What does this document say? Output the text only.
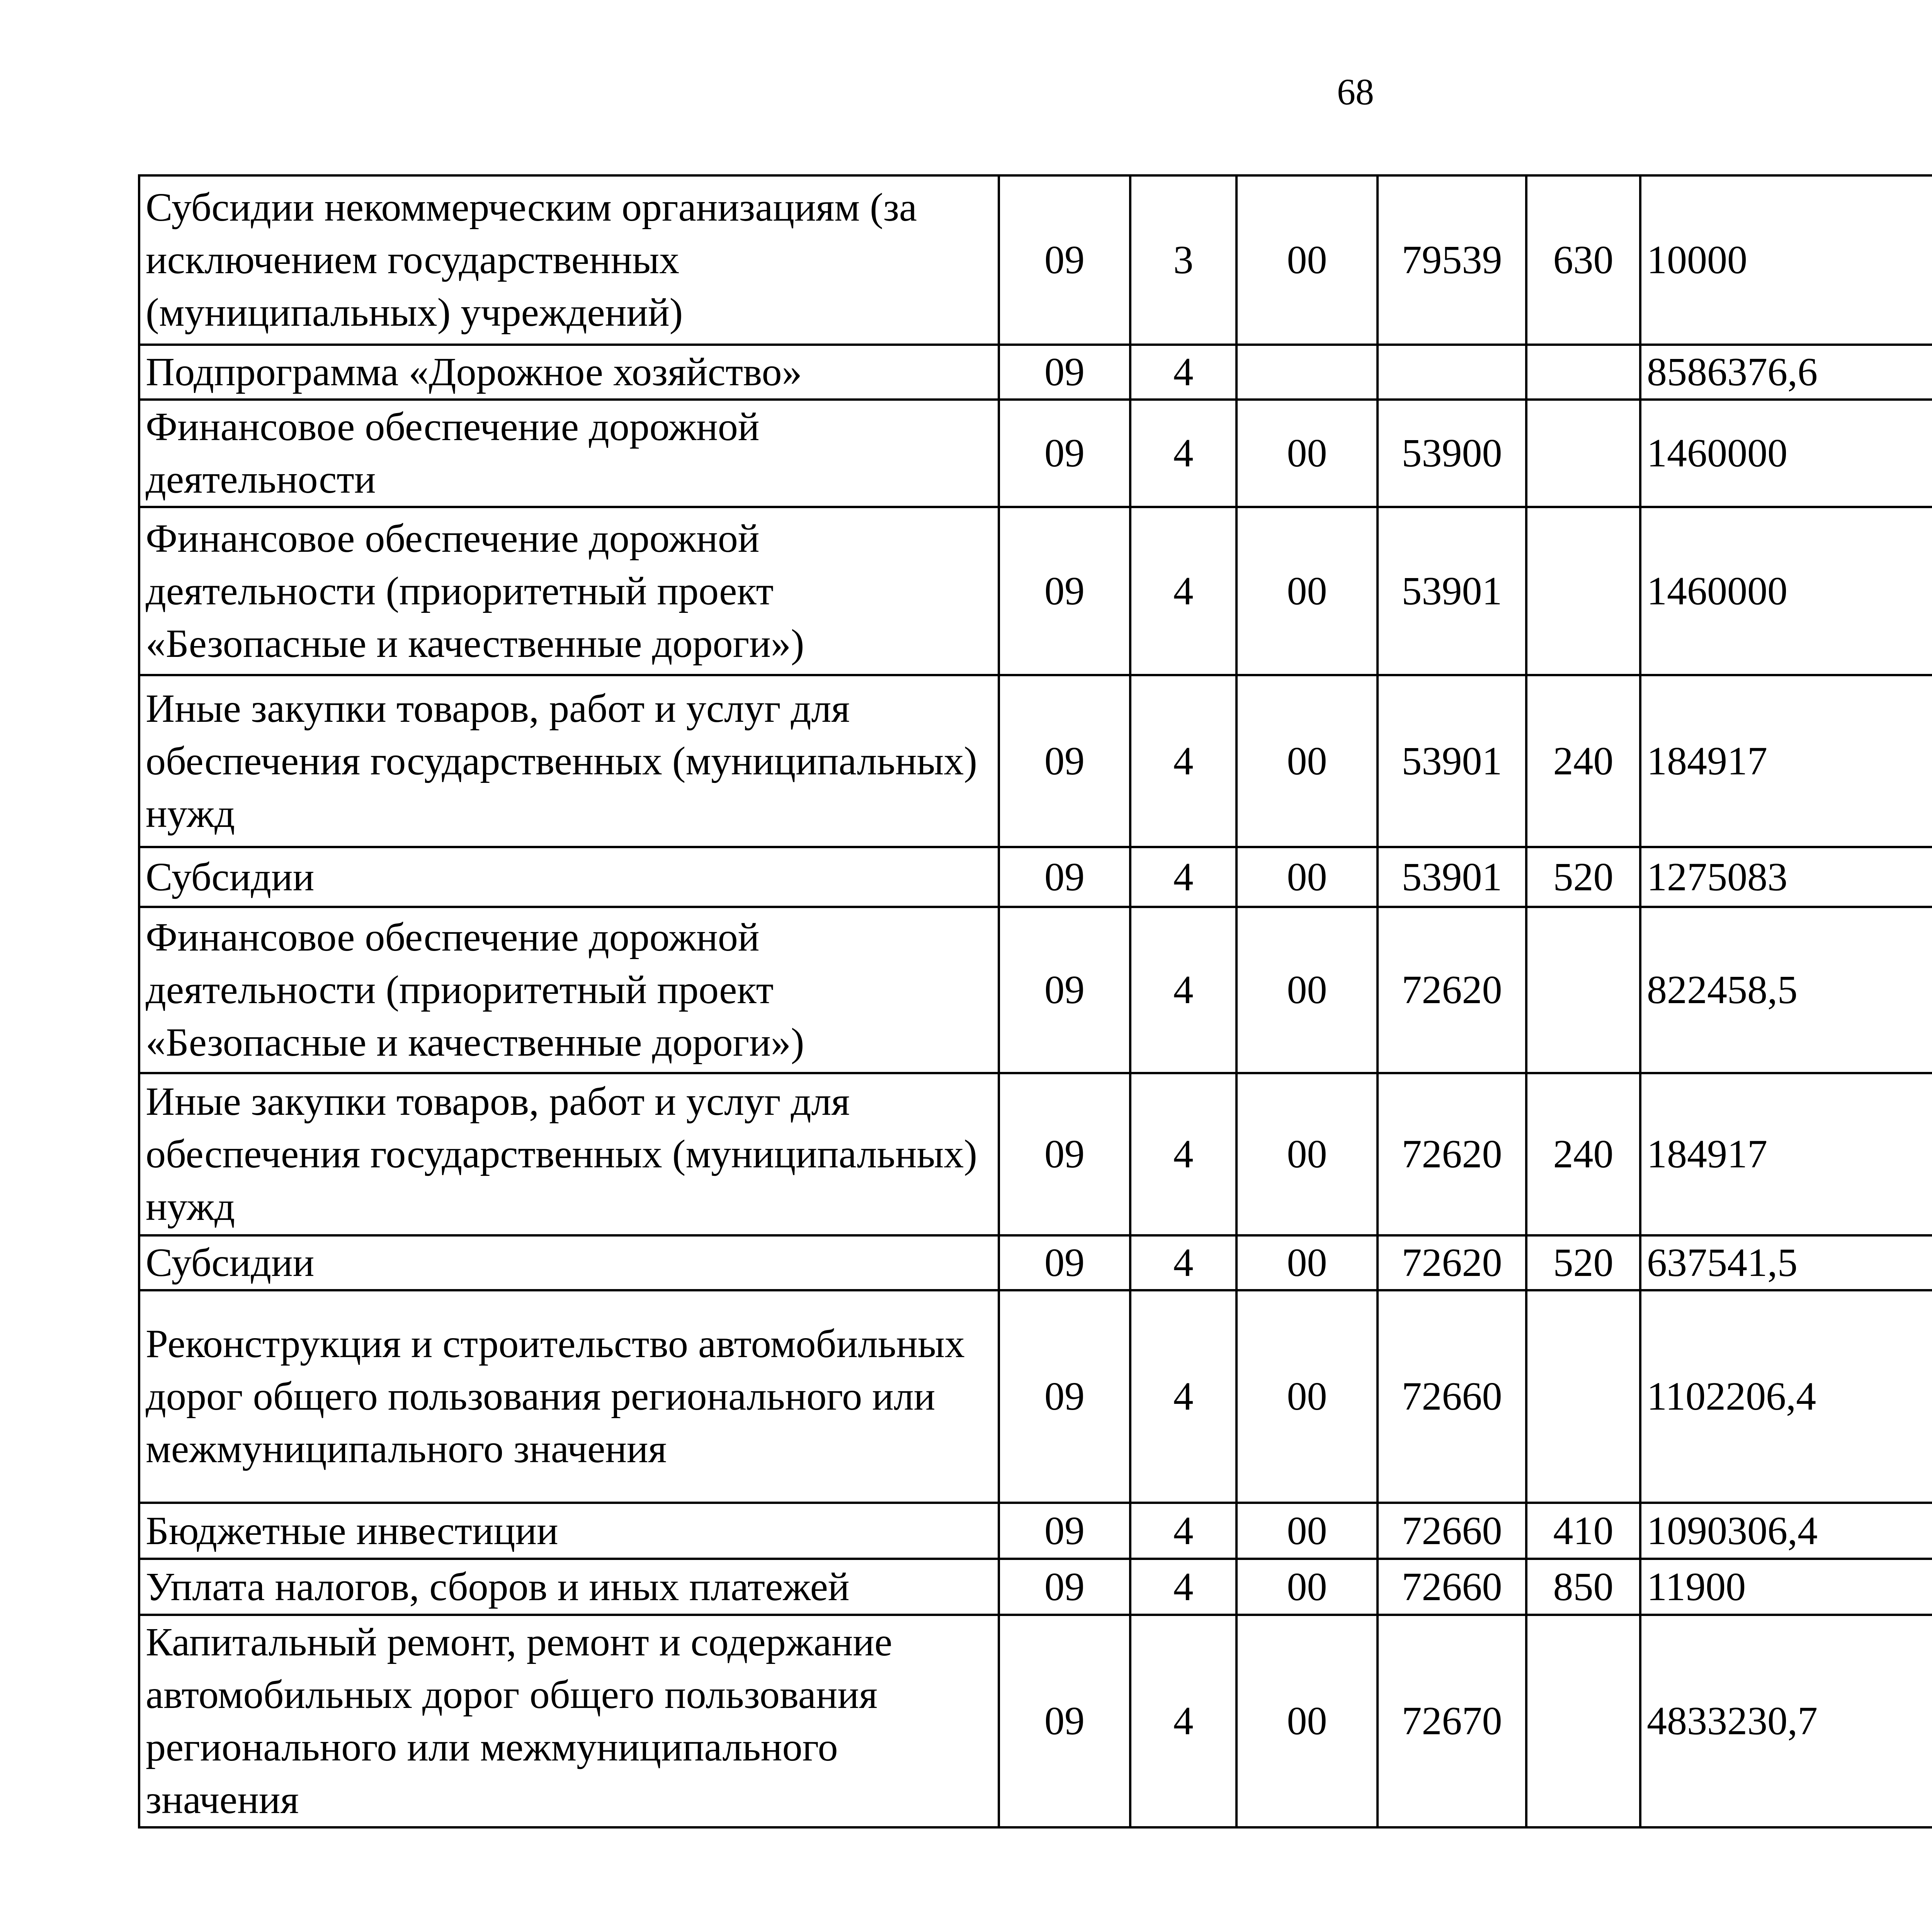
68
Субсидии некоммерческим организациям (за исключением государственных (муниципальных) учреждений)	09	3	00	79539	630	10000		
Подпрограмма «Дорожное хозяйство»	09	4				8586376,6		
Финансовое обеспечение дорожной деятельности	09	4	00	53900		1460000		
Финансовое обеспечение дорожной деятельности (приоритетный проект «Безопасные и качественные дороги»)	09	4	00	53901		1460000		
Иные закупки товаров, работ и услуг для обеспечения государственных (муниципальных) нужд	09	4	00	53901	240	184917		
Субсидии	09	4	00	53901	520	1275083		
Финансовое обеспечение дорожной деятельности (приоритетный проект «Безопасные и качественные дороги»)	09	4	00	72620		822458,5		
Иные закупки товаров, работ и услуг для обеспечения государственных (муниципальных) нужд	09	4	00	72620	240	184917		
Субсидии	09	4	00	72620	520	637541,5		
Реконструкция и строительство автомобильных дорог общего пользования регионального или межмуниципального значения	09	4	00	72660		1102206,4		
Бюджетные инвестиции	09	4	00	72660	410	1090306,4		
Уплата налогов, сборов и иных платежей	09	4	00	72660	850	11900		
Капитальный ремонт, ремонт и содержание автомобильных дорог общего пользования регионального или межмуниципального значения	09	4	00	72670		4833230,7		
